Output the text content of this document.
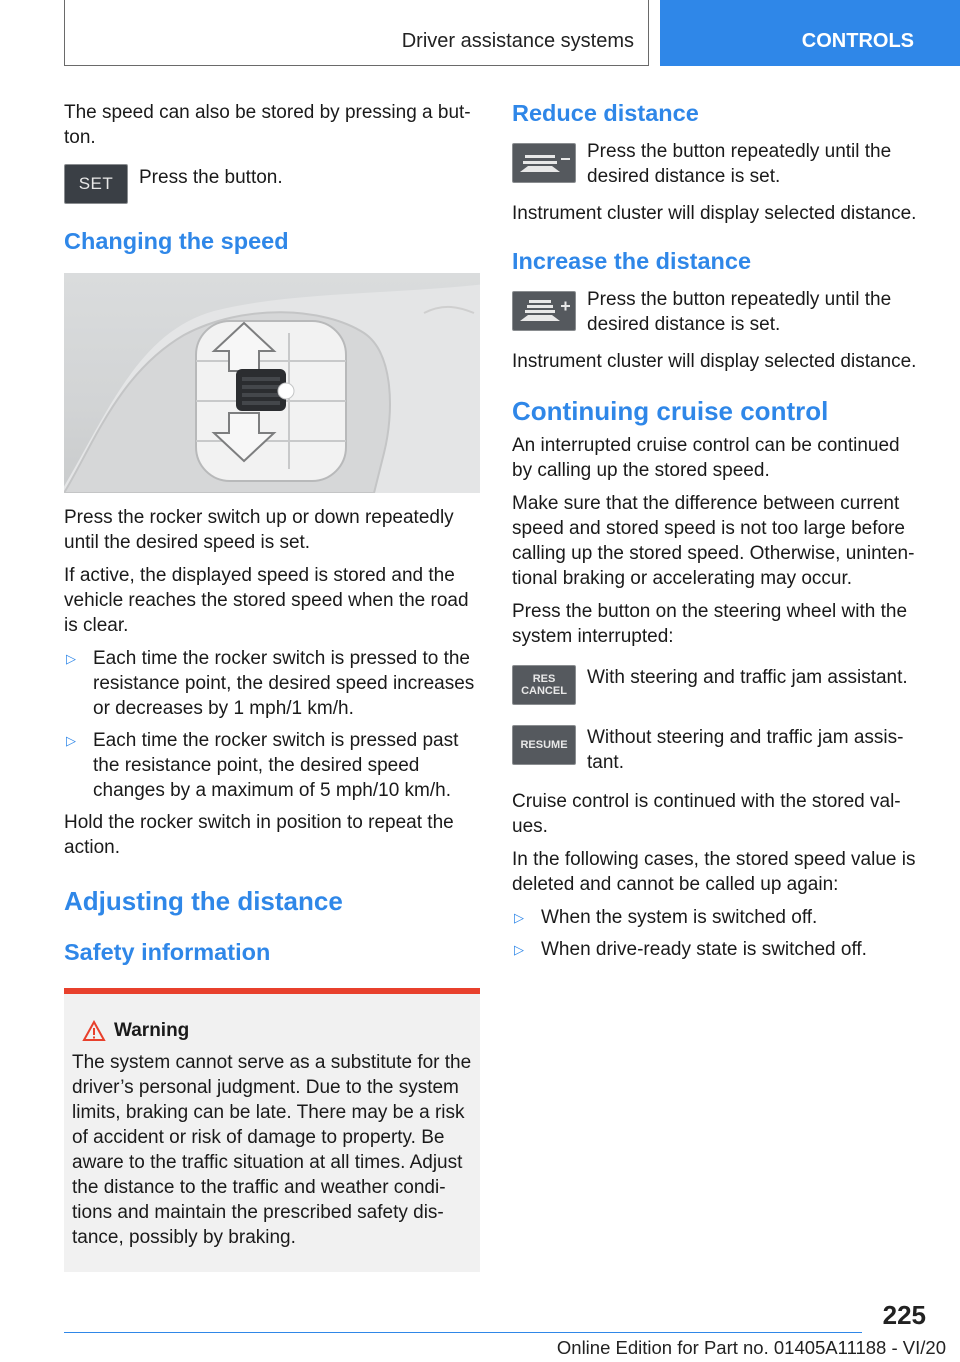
Driver assistance systems	CONTROLS

The speed can also be stored by pressing a but-ton.

SET Press the button.
Changing the speed

Press the rocker switch up or down repeatedly until the desired speed is set.

If active, the displayed speed is stored and the vehicle reaches the stored speed when the road is clear.

▷ Each time the rocker switch is pressed to the resistance point, the desired speed increases or decreases by 1 mph/1 km/h.
▷ Each time the rocker switch is pressed past the resistance point, the desired speed changes by a maximum of 5 mph/10 km/h.

Hold the rocker switch in position to repeat the action.

Adjusting the distance
Safety information
Warning

The system cannot serve as a substitute for the driver’s personal judgment. Due to the system limits, braking can be late. There may be a risk of accident or risk of damage to property. Be aware to the traffic situation at all times. Adjust the distance to the traffic and weather condi-tions and maintain the prescribed safety dis-tance, possibly by braking.

Reduce distance
Press the button repeatedly until the desired distance is set.

Instrument cluster will display selected distance.

Increase the distance
Press the button repeatedly until the desired distance is set.

Instrument cluster will display selected distance.

Continuing cruise control

An interrupted cruise control can be continued by calling up the stored speed.

Make sure that the difference between current speed and stored speed is not too large before calling up the stored speed. Otherwise, uninten-tional braking or accelerating may occur.

Press the button on the steering wheel with the system interrupted:

RES
CANCEL
With steering and traffic jam assistant.
RESUME Without steering and traffic jam assis-tant.

Cruise control is continued with the stored val-ues.

In the following cases, the stored speed value is deleted and cannot be called up again:

▷ When the system is switched off.
▷ When drive-ready state is switched off.
225
Online Edition for Part no. 01405A11188 - VI/20
